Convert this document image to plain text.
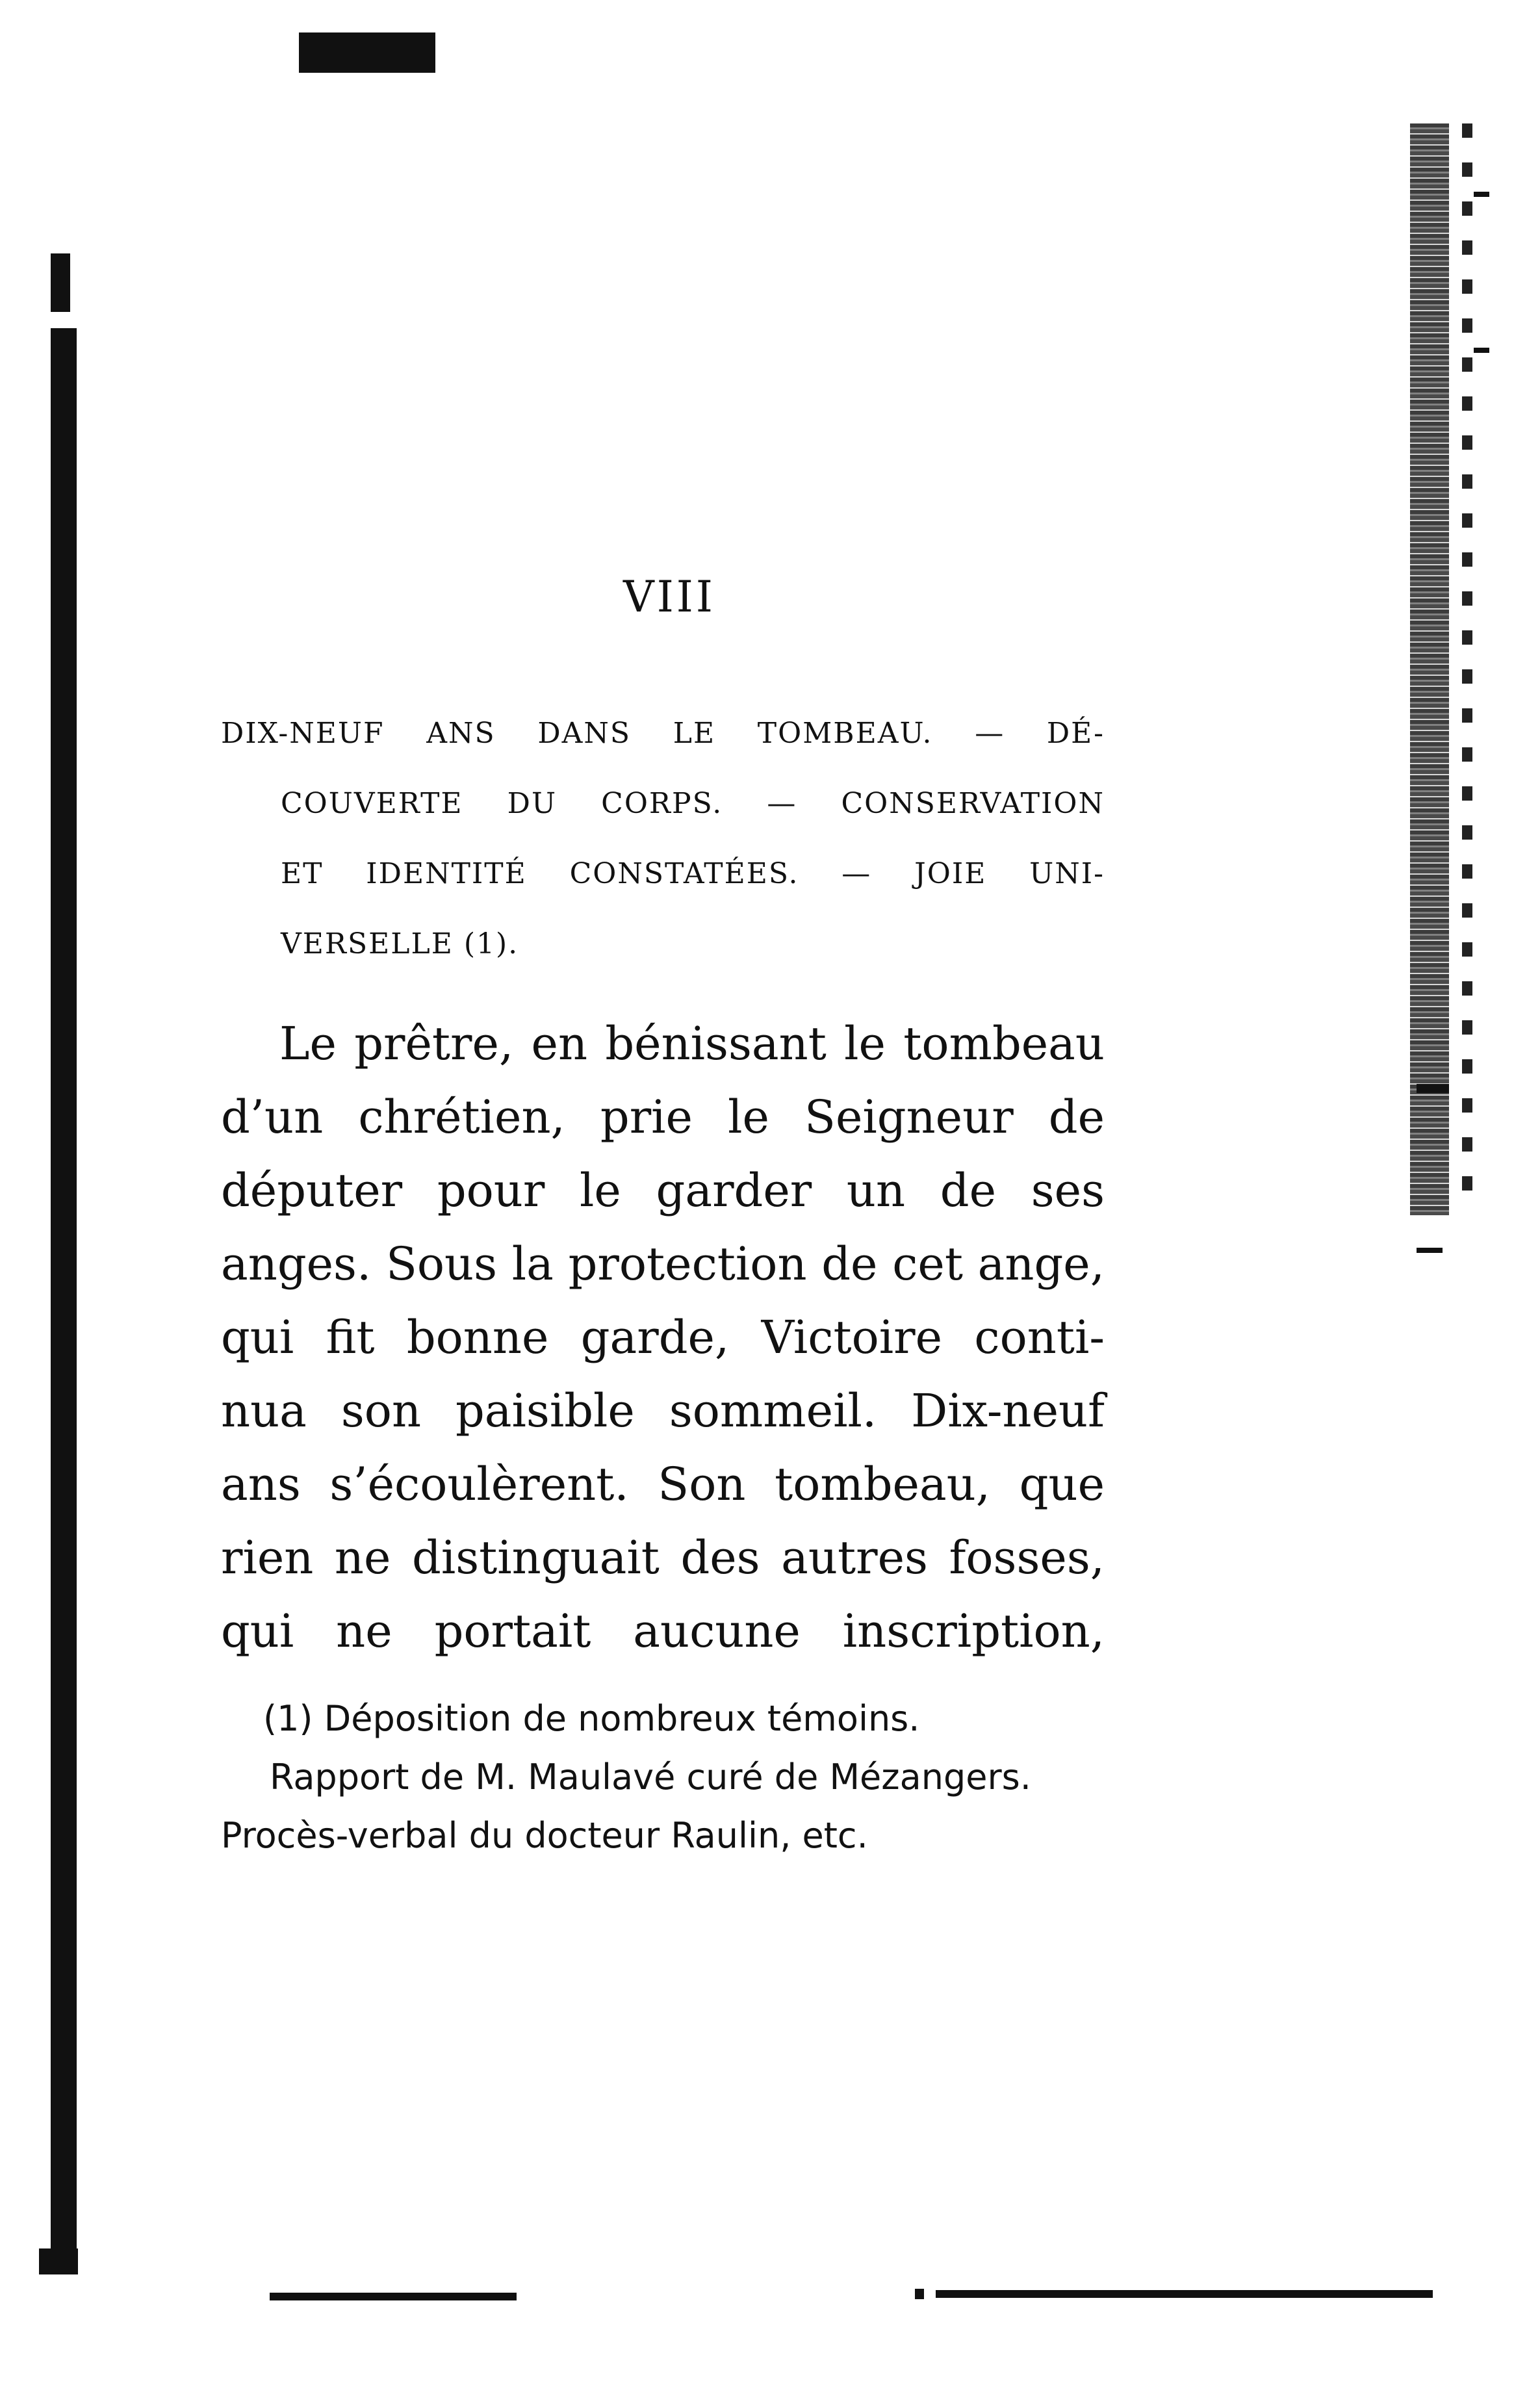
VIII
DIX-NEUF ANS DANS LE TOMBEAU. — DÉ-
COUVERTE DU CORPS. — CONSERVATION
ET IDENTITÉ CONSTATÉES. — JOIE UNI-
VERSELLE (1).
Le prêtre, en bénissant le tombeau
d’un chrétien, prie le Seigneur de
députer pour le garder un de ses
anges. Sous la protection de cet ange,
qui fit bonne garde, Victoire conti-
nua son paisible sommeil. Dix-neuf
ans s’écoulèrent. Son tombeau, que
rien ne distinguait des autres fosses,
qui ne portait aucune inscription,
(1) Déposition de nombreux témoins.
Rapport de M. Maulavé curé de Mézangers.
Procès-verbal du docteur Raulin, etc.
